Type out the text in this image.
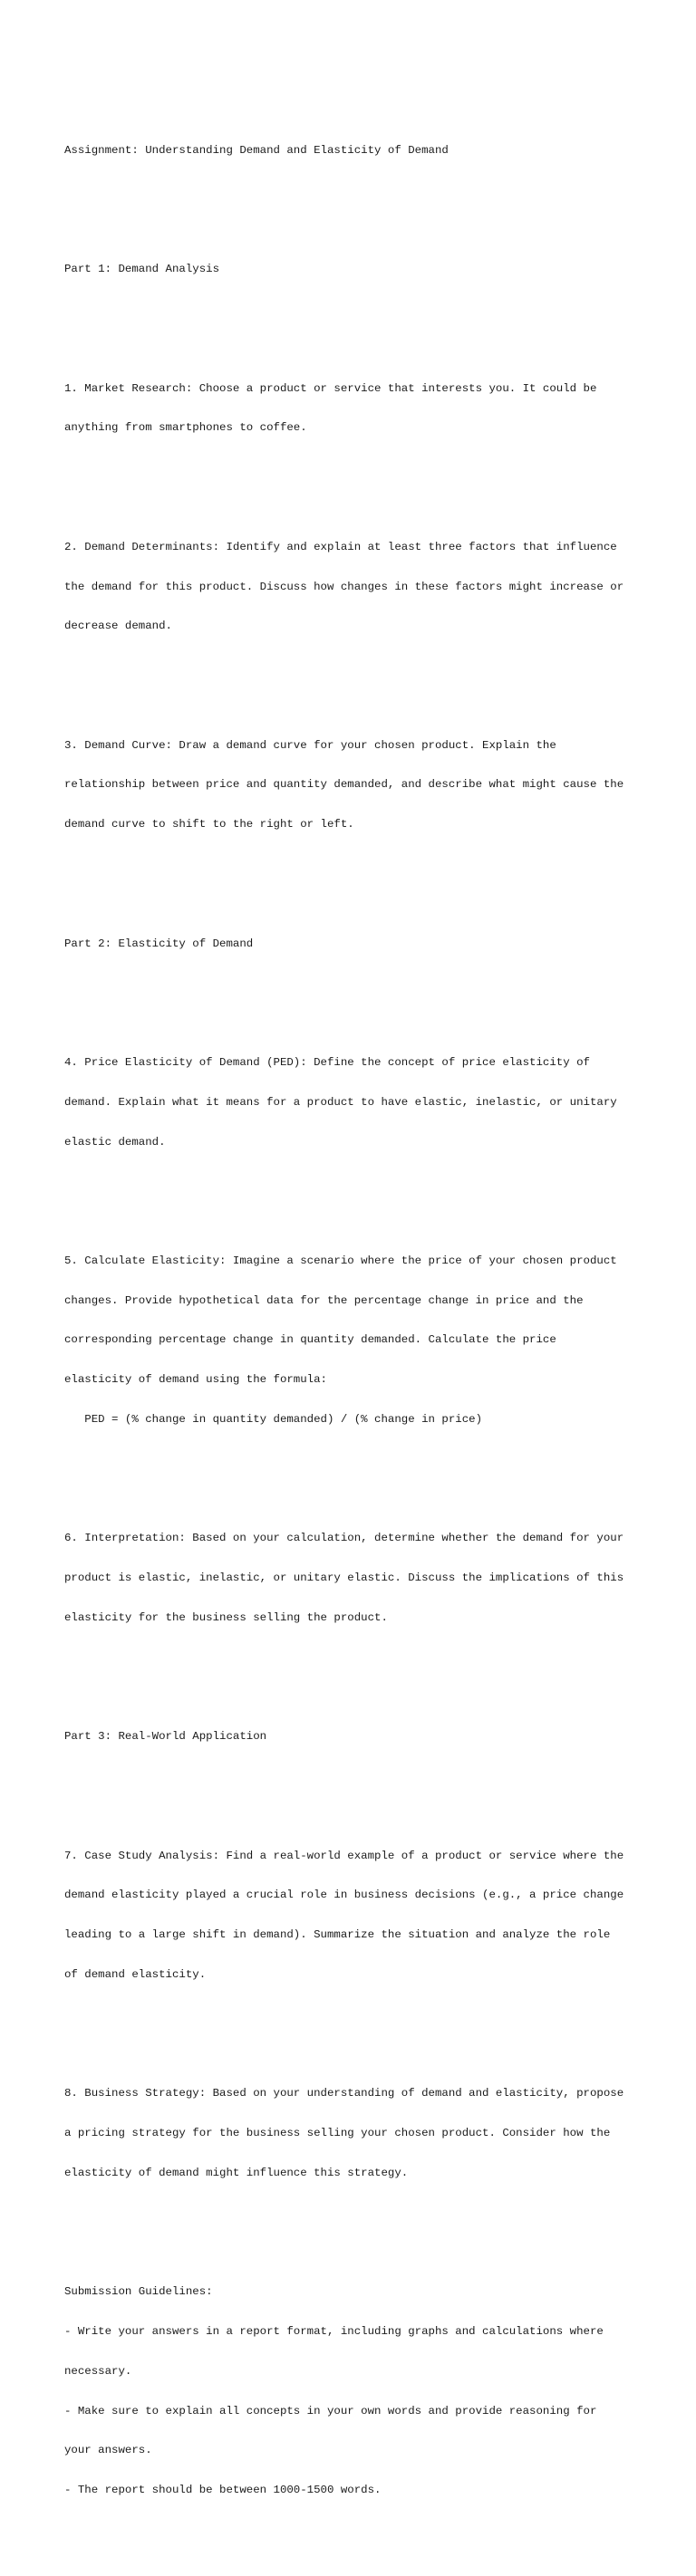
Assignment: Understanding Demand and Elasticity of Demand

Part 1: Demand Analysis

1. Market Research: Choose a product or service that interests you. It could be

anything from smartphones to coffee.

2. Demand Determinants: Identify and explain at least three factors that influence

the demand for this product. Discuss how changes in these factors might increase or

decrease demand.

3. Demand Curve: Draw a demand curve for your chosen product. Explain the

relationship between price and quantity demanded, and describe what might cause the

demand curve to shift to the right or left.

Part 2: Elasticity of Demand

4. Price Elasticity of Demand (PED): Define the concept of price elasticity of

demand. Explain what it means for a product to have elastic, inelastic, or unitary

elastic demand.

5. Calculate Elasticity: Imagine a scenario where the price of your chosen product

changes. Provide hypothetical data for the percentage change in price and the

corresponding percentage change in quantity demanded. Calculate the price

elasticity of demand using the formula:

PED = (% change in quantity demanded) / (% change in price)

6. Interpretation: Based on your calculation, determine whether the demand for your

product is elastic, inelastic, or unitary elastic. Discuss the implications of this

elasticity for the business selling the product.

Part 3: Real-World Application

7. Case Study Analysis: Find a real-world example of a product or service where the

demand elasticity played a crucial role in business decisions (e.g., a price change

leading to a large shift in demand). Summarize the situation and analyze the role

of demand elasticity.

8. Business Strategy: Based on your understanding of demand and elasticity, propose

a pricing strategy for the business selling your chosen product. Consider how the

elasticity of demand might influence this strategy.

Submission Guidelines:

- Write your answers in a report format, including graphs and calculations where

necessary.

- Make sure to explain all concepts in your own words and provide reasoning for

your answers.

- The report should be between 1000-1500 words.
